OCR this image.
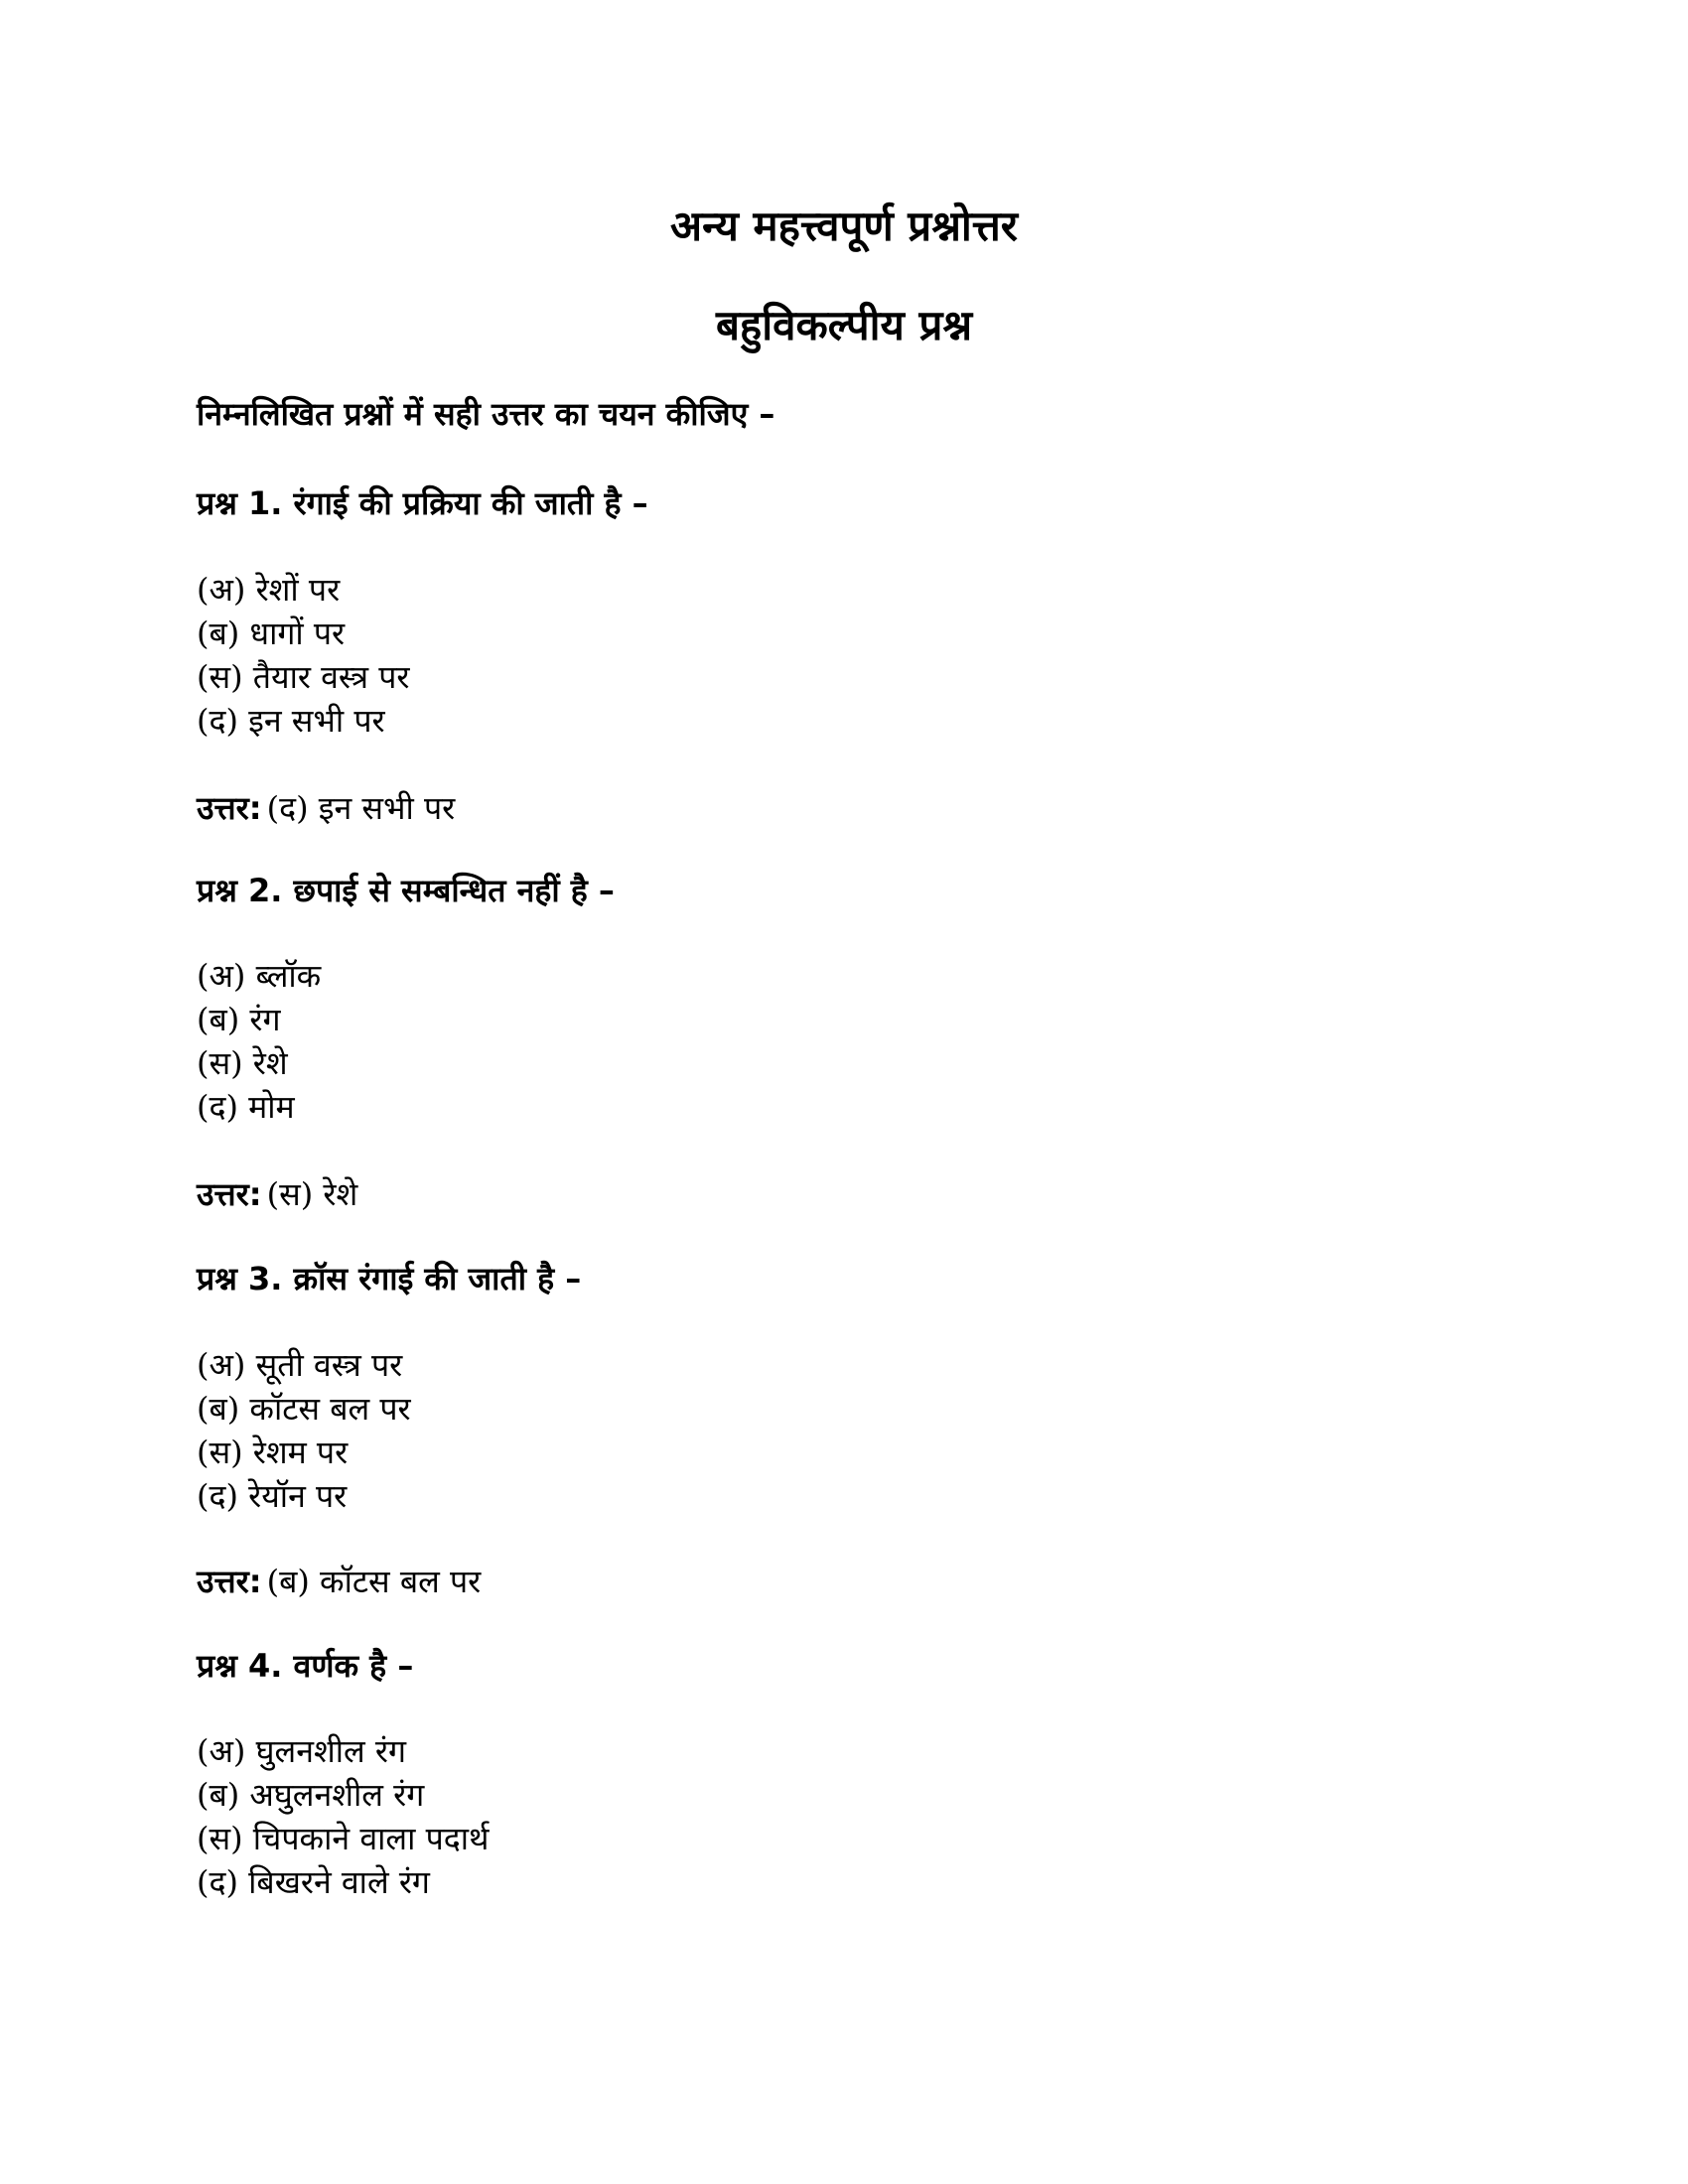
अन्य महत्त्वपूर्ण प्रश्नोत्तर
बहुविकल्पीय प्रश्न
निम्नलिखित प्रश्नों में सही उत्तर का चयन कीजिए –
प्रश्न 1. रंगाई की प्रक्रिया की जाती है –
(अ) रेशों पर
(ब) धागों पर
(स) तैयार वस्त्र पर
(द) इन सभी पर
उत्तर: (द) इन सभी पर
प्रश्न 2. छपाई से सम्बन्धित नहीं है –
(अ) ब्लॉक
(ब) रंग
(स) रेशे
(द) मोम
उत्तर: (स) रेशे
प्रश्न 3. क्रॉस रंगाई की जाती है –
(अ) सूती वस्त्र पर
(ब) कॉटस बल पर
(स) रेशम पर
(द) रेयॉन पर
उत्तर: (ब) कॉटस बल पर
प्रश्न 4. वर्णक है –
(अ) घुलनशील रंग
(ब) अघुलनशील रंग
(स) चिपकाने वाला पदार्थ
(द) बिखरने वाले रंग
